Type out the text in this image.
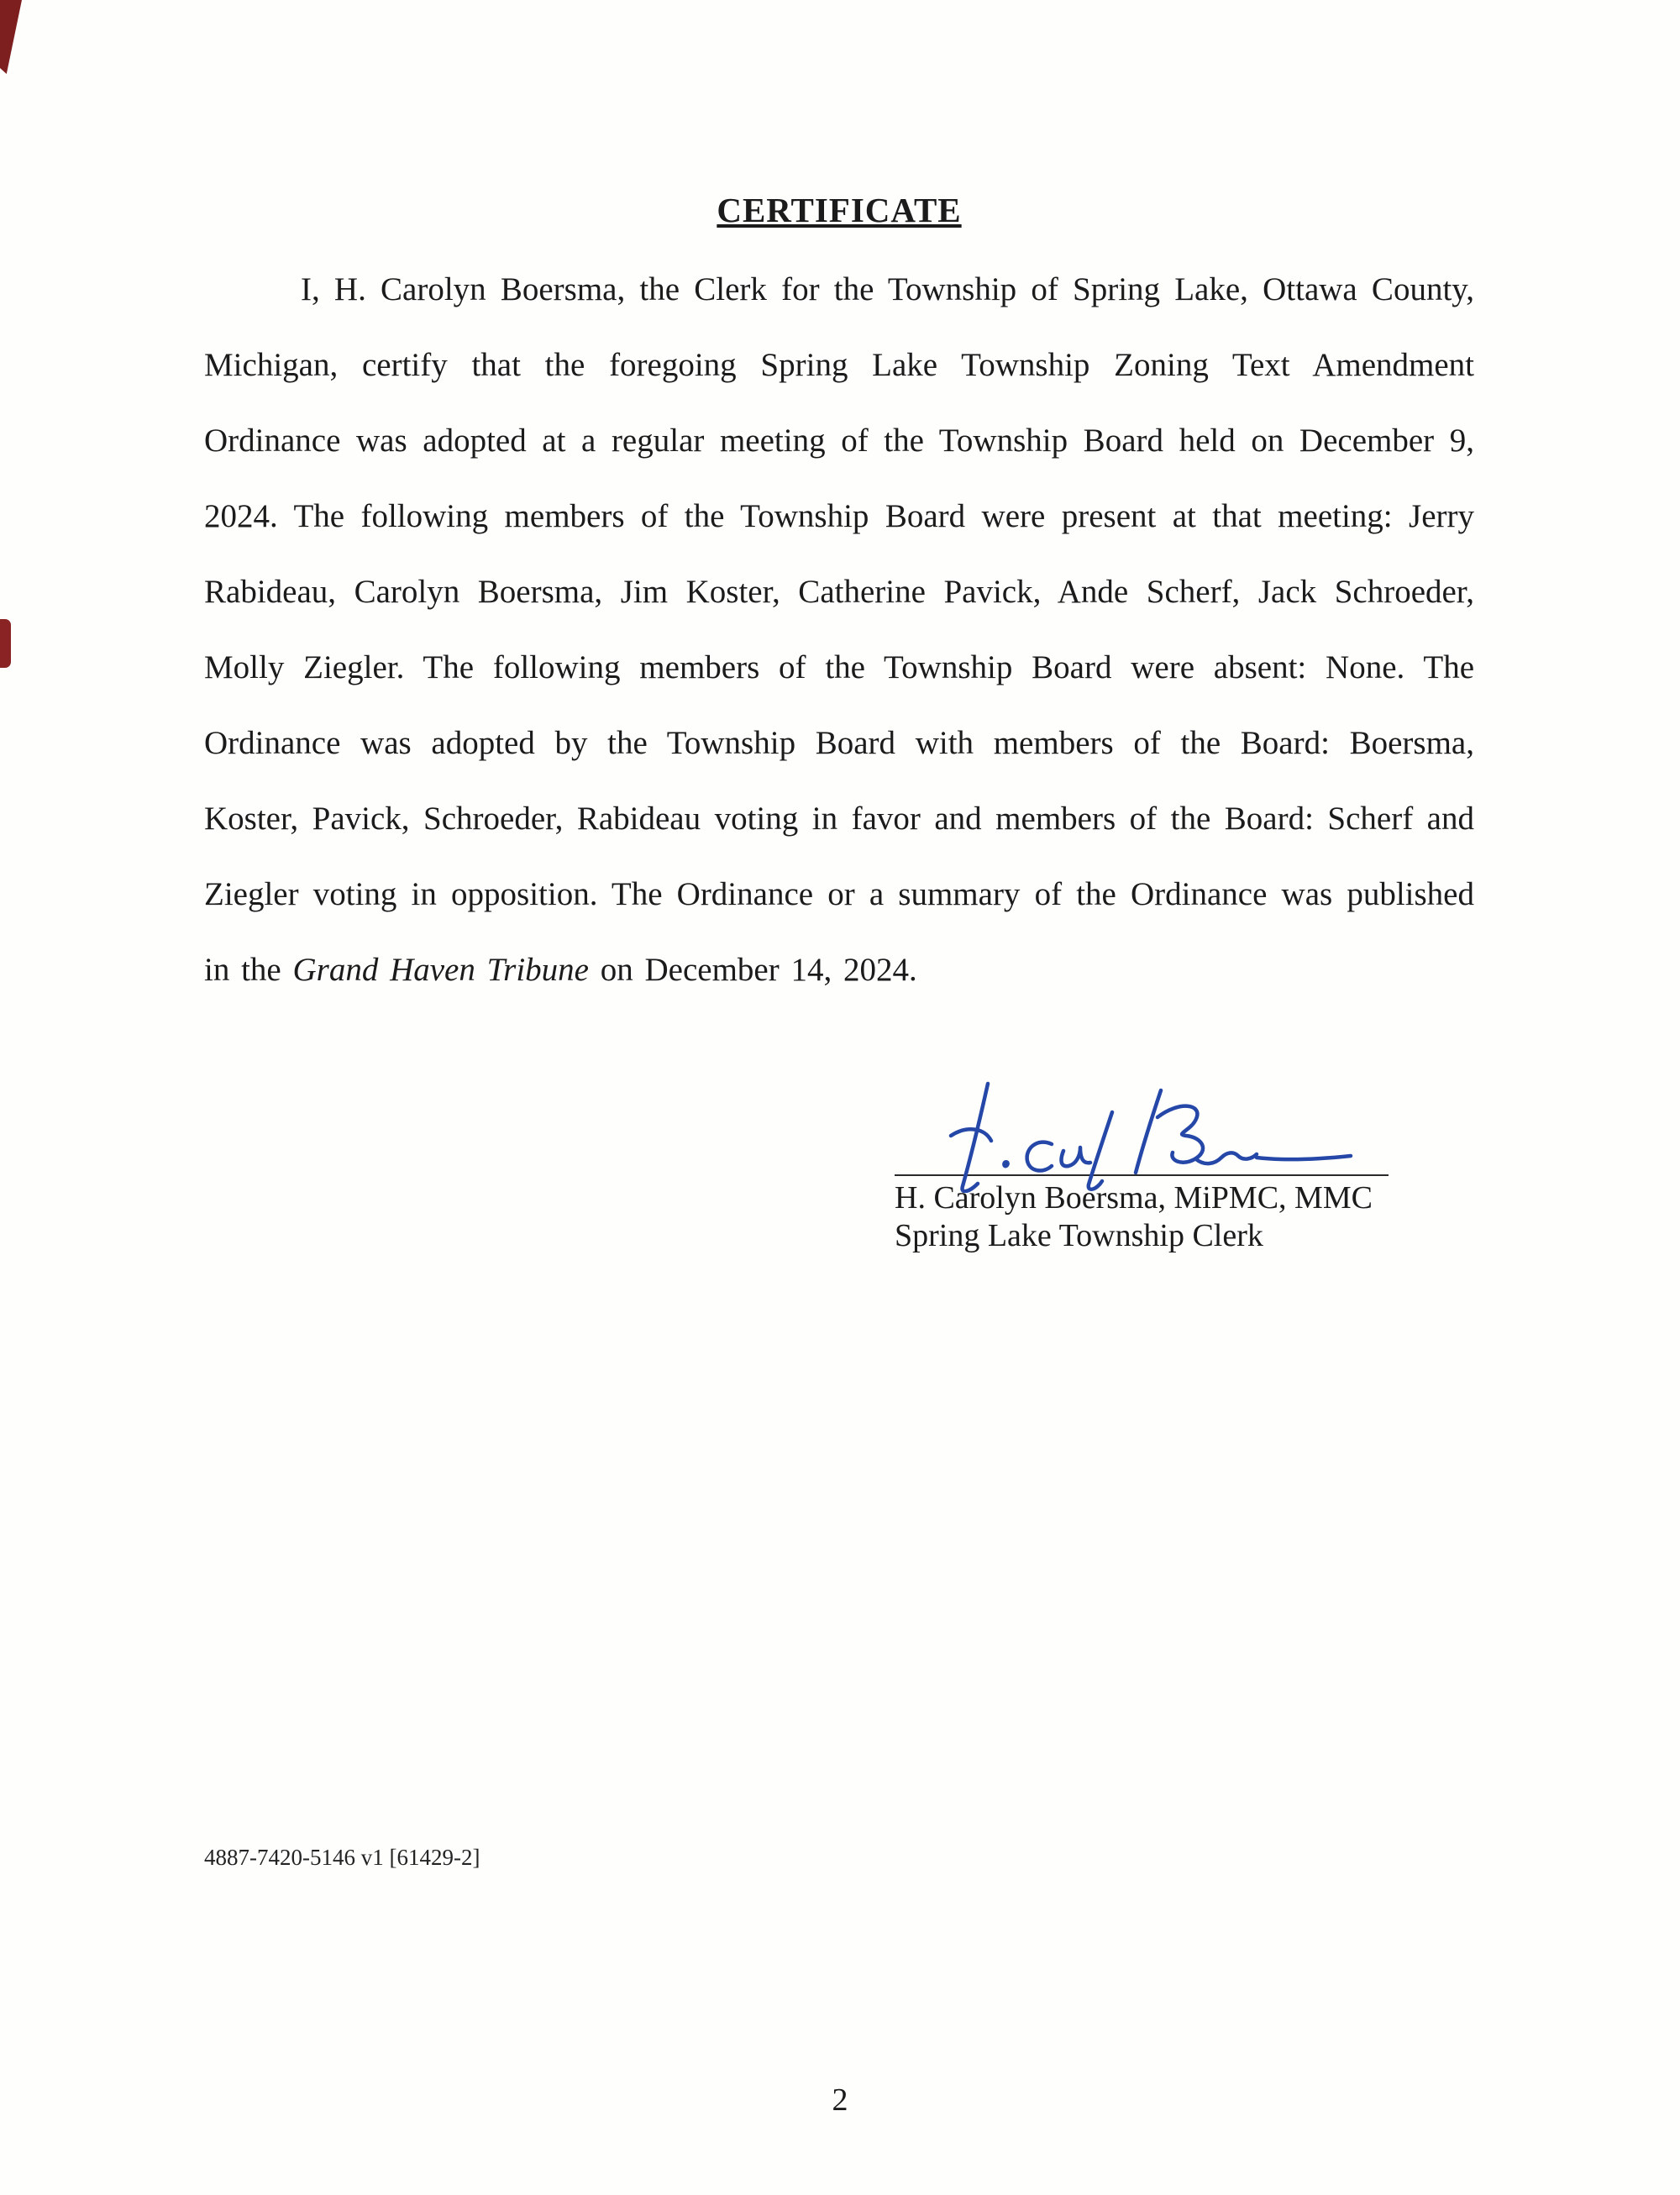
CERTIFICATE

I, H. Carolyn Boersma, the Clerk for the Township of Spring Lake, Ottawa County, Michigan, certify that the foregoing Spring Lake Township Zoning Text Amendment Ordinance was adopted at a regular meeting of the Township Board held on December 9, 2024. The following members of the Township Board were present at that meeting: Jerry Rabideau, Carolyn Boersma, Jim Koster, Catherine Pavick, Ande Scherf, Jack Schroeder, Molly Ziegler. The following members of the Township Board were absent: None. The Ordinance was adopted by the Township Board with members of the Board: Boersma, Koster, Pavick, Schroeder, Rabideau voting in favor and members of the Board: Scherf and Ziegler voting in opposition. The Ordinance or a summary of the Ordinance was published in the Grand Haven Tribune on December 14, 2024.

H. Carolyn Boersma, MiPMC, MMC
Spring Lake Township Clerk
4887-7420-5146 v1 [61429-2]
2
